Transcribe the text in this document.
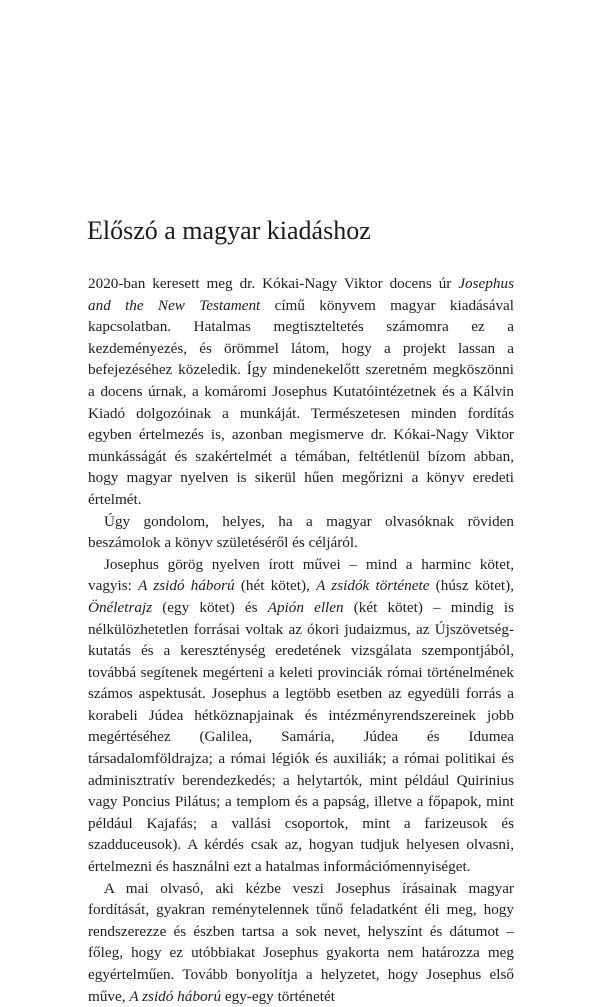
Előszó a magyar kiadáshoz

2020-ban keresett meg dr. Kókai-Nagy Viktor docens úr Josephus and the New Testament című könyvem magyar kiadásával kapcsolatban. Hatalmas megtiszteltetés számomra ez a kezdeményezés, és örömmel látom, hogy a projekt lassan a befejezéséhez közeledik. Így mindenekelőtt szeretném megköszönni a docens úrnak, a komáromi Josephus Kutatóintézetnek és a Kálvin Kiadó dolgozóinak a munkáját. Természetesen minden fordítás egyben értelmezés is, azonban megismerve dr. Kókai-Nagy Viktor munkásságát és szakértelmét a témában, feltétlenül bízom abban, hogy magyar nyelven is sikerül hűen megőrizni a könyv eredeti értelmét.

Úgy gondolom, helyes, ha a magyar olvasóknak röviden beszámolok a könyv születéséről és céljáról.

Josephus görög nyelven írott művei – mind a harminc kötet, vagyis: A zsidó háború (hét kötet), A zsidók története (húsz kötet), Önéletrajz (egy kötet) és Apión ellen (két kötet) – mindig is nélkülözhetetlen forrásai voltak az ókori judaizmus, az Újszövetség-kutatás és a kereszténység eredetének vizsgálata szempontjából, továbbá segítenek megérteni a keleti provinciák római történelmének számos aspektusát. Josephus a legtöbb esetben az egyedüli forrás a korabeli Júdea hétköznapjainak és intézményrendszereinek jobb megértéséhez (Galilea, Samária, Júdea és Idumea társadalomföldrajza; a római légiók és auxiliák; a római politikai és adminisztratív berendezkedés; a helytartók, mint például Quirinius vagy Poncius Pilátus; a templom és a papság, illetve a főpapok, mint például Kajafás; a vallási csoportok, mint a farizeusok és szadduceusok). A kérdés csak az, hogyan tudjuk helyesen olvasni, értelmezni és használni ezt a hatalmas információmennyiséget.

A mai olvasó, aki kézbe veszi Josephus írásainak magyar fordítását, gyakran reménytelennek tűnő feladatként éli meg, hogy rendszerezze és észben tartsa a sok nevet, helyszínt és dátumot – főleg, hogy ez utóbbiakat Josephus gyakorta nem határozza meg egyértelműen. Tovább bonyolítja a helyzetet, hogy Josephus első műve, A zsidó háború egy-egy történetét
